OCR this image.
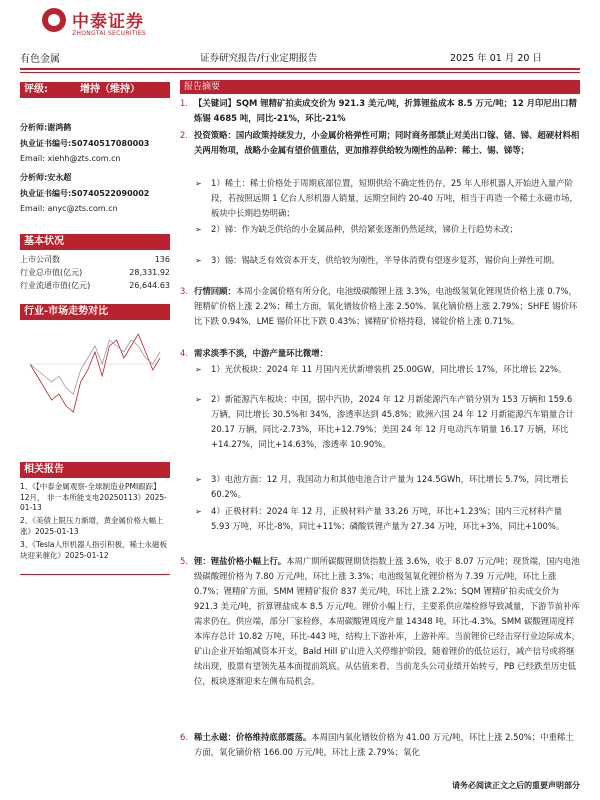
中泰证券
ZHONGTAI SECURITIES
有色金属	证券研究报告/行业定期报告	2025 年 01 月 20 日
评级:	增持（维持）
分析师:谢鸿鹤
执业证书编号:S0740517080003
Email: xiehh@zts.com.cn
分析师:安永超
执业证书编号:S0740522090002
Email: anyc@zts.com.cn
基本状况
上市公司数	136
行业总市值(亿元)	28,331.92
行业流通市值(亿元)	26,644.63
行业-市场走势对比
相关报告
1、《【中泰金属观察-全球制造业PMI跟踪】12月， 非一本所能支电20250113》2025-01-13
2、《美债上限压力渐增，黄金属价格大幅上涨》2025-01-13
3、《Tesla人形机器人指引积极，稀土永磁板块迎来催化》2025-01-12
报告摘要
1. 【关键词】SQM 锂精矿拍卖成交价为 921.3 美元/吨，折算锂盐成本 8.5 万元/吨；12 月印尼出口精炼锡 4685 吨，同比-21%，环比-21%
2. 投资策略：国内政策持续发力，小金属价格弹性可期；同时商务部禁止对美出口镓、锗、锑、超硬材料相关两用物项，战略小金属有望价值重估，更加推荐供给较为刚性的品种：稀土、锡、锑等；
➢ 1）稀土：稀土价格处于周期底部位置，短期供给不确定性仍存，25 年人形机器人开始进入量产阶段，若按照远期 1 亿台人形机器人销量，远期空间约 20-40 万吨，相当于再造一个稀土永磁市场，板块中长期趋势明确；
➢ 2）锑：作为缺乏供给的小金属品种，供给紧张逐渐仍然延续，锑价上行趋势未改；
➢ 3）锡：锡缺乏有效资本开支，供给较为刚性，半导体消费有望逐步复苏，锡价向上弹性可期。
3. 行情回顾：本周小金属价格有所分化，电池级碳酸锂上涨 3.3%，电池级氢氧化锂现货价格上涨 0.7%，锂精矿价格上涨 2.2%；稀土方面，氧化镨钕价格上涨 2.50%、氧化镝价格上涨 2.79%；SHFE 锡价环比下跌 0.94%，LME 锡价环比下跌 0.43%；锑精矿价格持稳，锑锭价格上涨 0.71%。
4. 需求淡季不淡，中游产量环比微增：
➢ 1）光伏板块：2024 年 11 月国内光伏新增装机 25.00GW，同比增长 17%，环比增长 22%。
➢ 2）新能源汽车板块：中国，据中汽协，2024 年 12 月新能源汽车产销分别为 153 万辆和 159.6 万辆，同比增长 30.5%和 34%，渗透率达到 45.8%；欧洲六国 24 年 12 月新能源汽车销量合计 20.17 万辆，同比-2.73%，环比+12.79%；美国 24 年 12 月电动汽车销量 16.17 万辆，环比+14.27%，同比+14.63%，渗透率 10.90%。
➢ 3）电池方面：12 月，我国动力和其他电池合计产量为 124.5GWh，环比增长 5.7%，同比增长 60.2%。
➢ 4）正极材料：2024 年 12 月，正极材料产量 33.26 万吨，环比+1.23%；国内三元材料产量 5.93 万吨，环比-8%，同比+11%；磷酸铁锂产量为 27.34 万吨，环比+3%，同比+100%。
5. 锂：锂盐价格小幅上行。本周广期所碳酸锂期货指数上涨 3.6%，收于 8.07 万元/吨；现货端，国内电池级碳酸锂价格为 7.80 万元/吨，环比上涨 3.3%；电池级氢氧化锂价格为 7.39 万元/吨，环比上涨 0.7%；锂精矿方面，SMM 锂精矿报价 837 美元/吨，环比上涨 2.2%；SQM 锂精矿拍卖成交价为 921.3 美元/吨，折算锂盐成本 8.5 万元/吨。锂价小幅上行，主要系供应端检修导致减量，下游节前补库需求仍在。供应端，部分厂家检修，本周碳酸锂周度产量 14348 吨，环比-4.3%。SMM 碳酸锂周度样本库存总计 10.82 万吨，环比-443 吨，结构上下游补库，上游补库。当前锂价已经击穿行业边际成本，矿山企业开始缩减资本开支，Bald Hill 矿山进入关停维护阶段，随着锂价的低位运行，减产信号或将继续出现，股票有望领先基本面提前筑底。从估值来看，当前龙头公司业绩开始转亏，PB 已经跌至历史低位，板块逐渐迎来左侧布局机会。
6. 稀土永磁：价格维持底部震荡。本周国内氧化镨钕价格为 41.00 万元/吨，环比上涨 2.50%；中重稀土方面，氧化镝价格 166.00 万元/吨，环比上涨 2.79%；氧化
请务必阅读正文之后的重要声明部分
